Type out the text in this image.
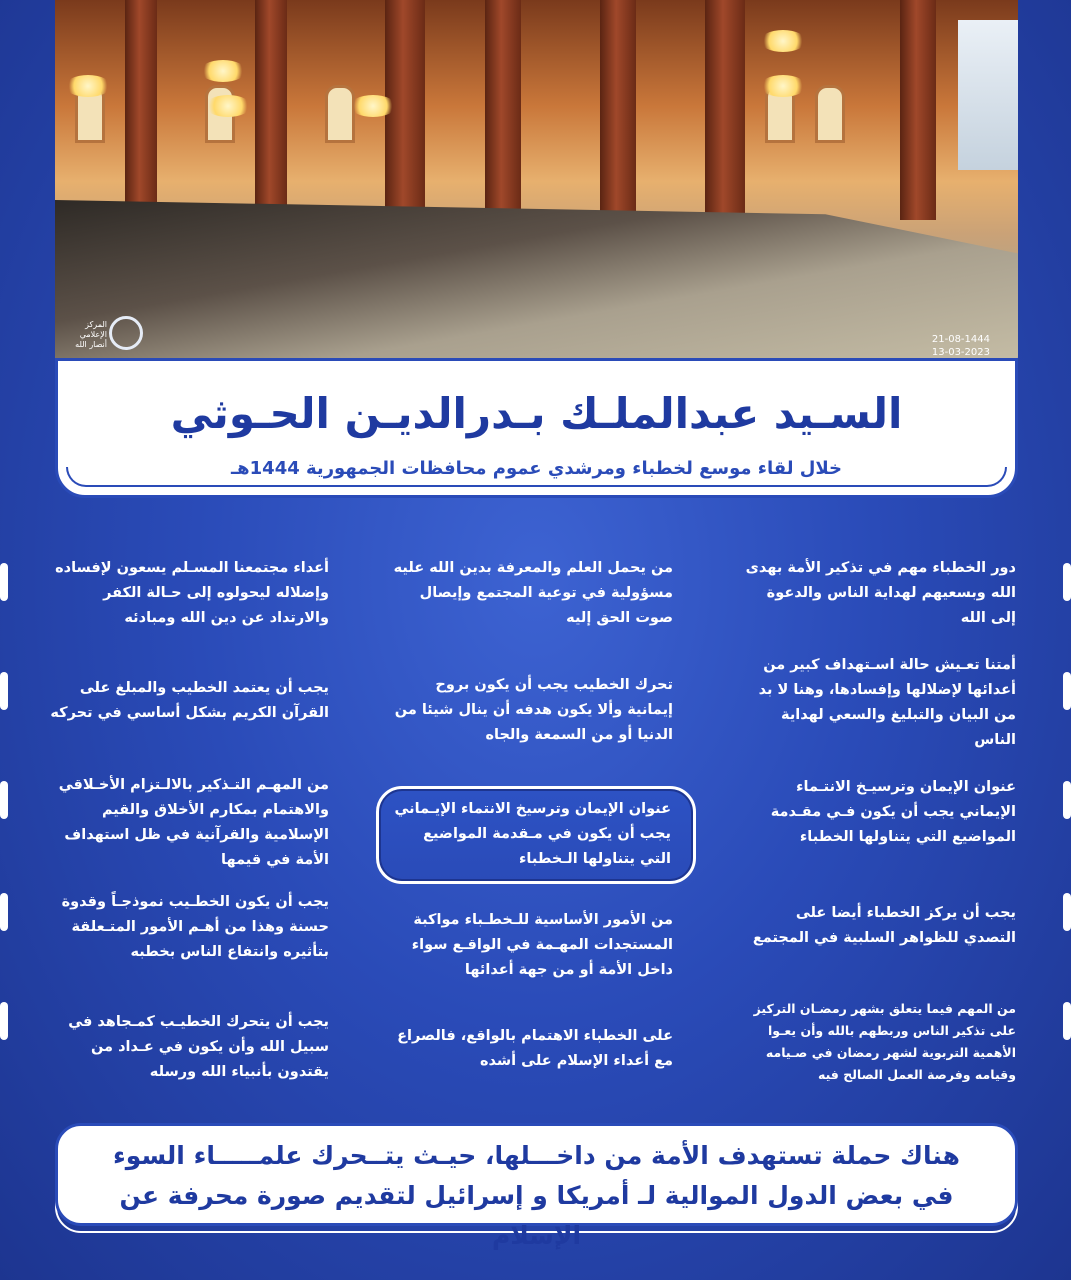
المركز الإعلامي أنصار الله	21-08-1444
13-03-2023
السـيد عبدالملـك بـدرالديـن الحـوثي
خلال لقاء موسع لخطباء ومرشدي عموم محافظات الجمهورية 1444هـ
دور الخطباء مهم في تذكير الأمة بهدى الله وبسعيهم لهداية الناس والدعوة إلى الله
أمتنا تعـيش حالة اسـتهداف كبير من أعدائها لإضلالها وإفسادها، وهنا لا بد من البيان والتبليغ والسعي لهداية الناس
عنوان الإيمان وترسيـخ الانتـماء الإيماني يجب أن يكون فـي مقـدمة المواضيع التي يتناولها الخطباء
يجب أن يركز الخطباء أيضا على التصدي للظواهر السلبية في المجتمع
من المهم فيما يتعلق بشهر رمضـان التركيز على تذكير الناس وربطهم بالله وأن يعـوا الأهمية التربوية لشهر رمضان في صـيامه وقيامه وفرصة العمل الصالح فيه
من يحمل العلم والمعرفة بدين الله عليه مسؤولية في توعية المجتمع وإيصال صوت الحق إليه
تحرك الخطيب يجب أن يكون بروح إيمانية وألا يكون هدفه أن ينال شيئا من الدنيا أو من السمعة والجاه
عنوان الإيمان وترسيخ الانتماء الإيـماني يجب أن يكون في مـقدمة المواضيع التي يتناولها الـخطباء
من الأمور الأساسية للـخطـباء مواكبة المستجدات المهـمة في الواقـع سواء داخل الأمة أو من جهة أعدائها
على الخطباء الاهتمام بالواقع، فالصراع مع أعداء الإسلام على أشده
أعداء مجتمعنا المسـلم يسعون لإفساده وإضلاله ليحولوه إلى حـالة الكفر والارتداد عن دين الله ومبادئه
يجب أن يعتمد الخطيب والمبلغ على القرآن الكريم بشكل أساسي في تحركه
من المهـم التـذكير بالالـتزام الأخـلاقي والاهتمام بمكارم الأخلاق والقيم الإسلامية والقرآنية في ظل استهداف الأمة في قيمها
يجب أن يكون الخطـيب نموذجـاً وقدوة حسنة وهذا من أهـم الأمور المتـعلقة بتأثيره وانتفاع الناس بخطبه
يجب أن يتحرك الخطيـب كمـجاهد في سبيل الله وأن يكون في عـداد من يقتدون بأنبياء الله ورسله
هناك حملة تستهدف الأمة من داخـــلها، حيـث يتــحرك علمـــــاء السوء في بعض الدول الموالية لـ أمريكا و إسرائيل لتقديم صورة محرفة عن الإسلام
